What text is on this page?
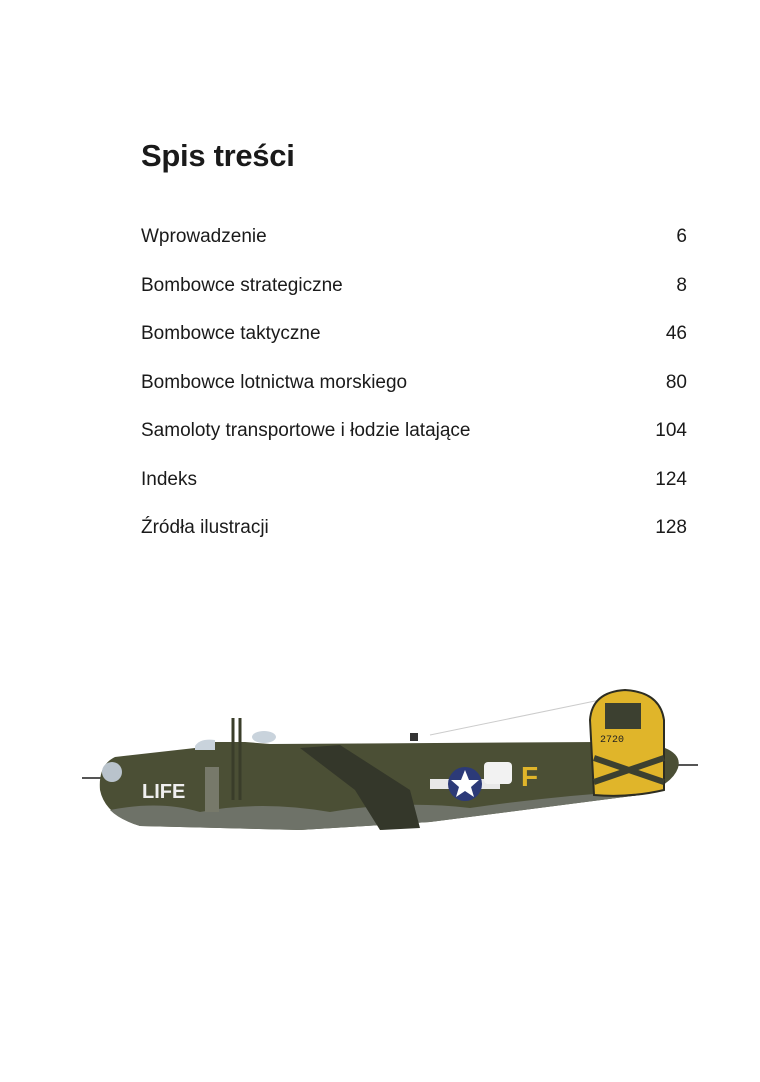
Spis treści
Wprowadzenie	6
Bombowce strategiczne	8
Bombowce taktyczne	46
Bombowce lotnictwa morskiego	80
Samoloty transportowe i łodzie latające	104
Indeks	124
Źródła ilustracji	128
F
LIFE
2720
